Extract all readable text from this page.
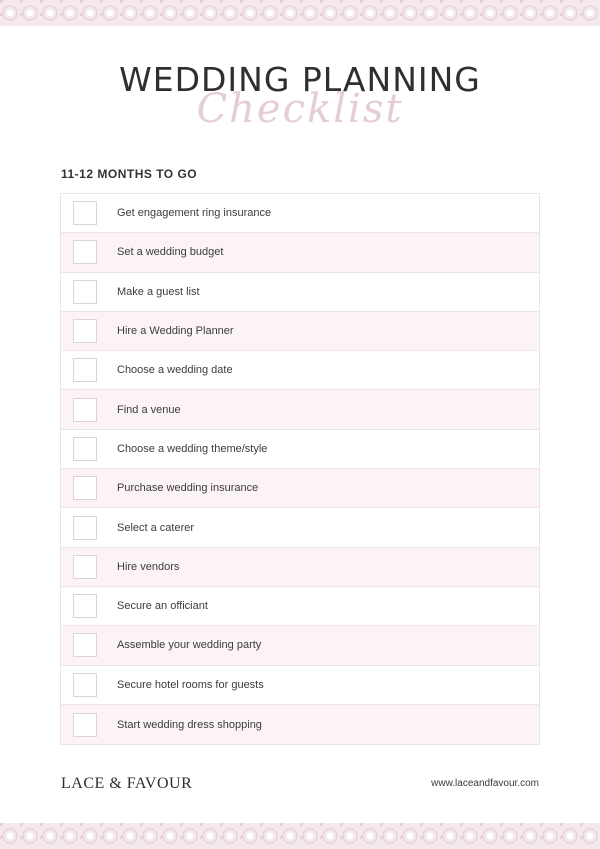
WEDDING PLANNING
Checklist
11-12 MONTHS TO GO
Get engagement ring insurance
Set a wedding budget
Make a guest list
Hire a Wedding Planner
Choose a wedding date
Find a venue
Choose a wedding theme/style
Purchase wedding insurance
Select a caterer
Hire vendors
Secure an officiant
Assemble your wedding party
Secure hotel rooms for guests
Start wedding dress shopping
LACE & FAVOUR	www.laceandfavour.com
